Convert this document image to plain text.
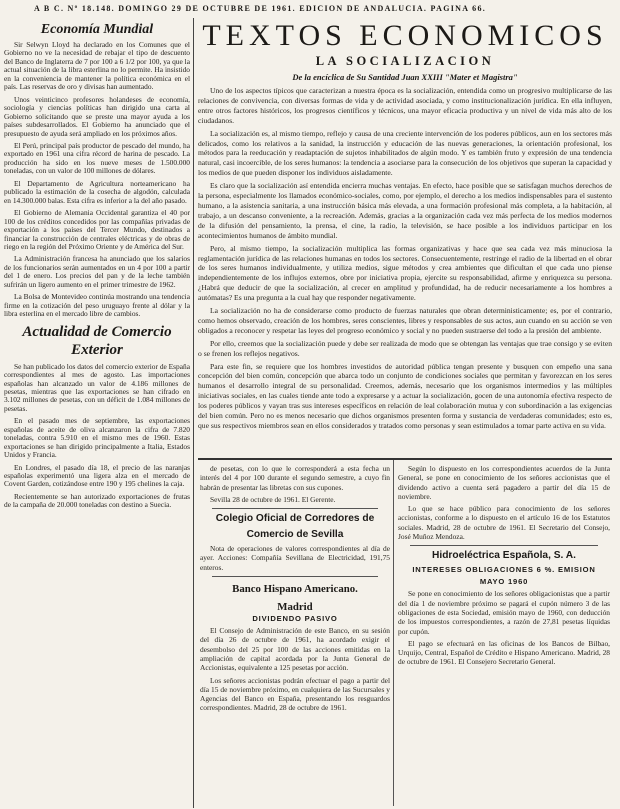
A B C. Nº 18.148. DOMINGO 29 DE OCTUBRE DE 1961. EDICION DE ANDALUCIA. PAGINA 66.
Economía Mundial

Sir Selwyn Lloyd ha declarado en los Comunes que el Gobierno no ve la necesidad de rebajar el tipo de descuento del Banco de Inglaterra de 7 por 100 a 6 1/2 por 100, ya que la actual situación de la libra esterlina no lo permite. Ha insistido en la conveniencia de mantener la política económica en el país. Las reservas de oro y divisas han aumentado.

Unos veinticinco profesores holandeses de economía, sociología y ciencias políticas han dirigido una carta al Gobierno solicitando que se preste una mayor ayuda a los países subdesarrollados. El Gobierno ha anunciado que el presupuesto de ayuda será ampliado en los próximos años.

El Perú, principal país productor de pescado del mundo, ha exportado en 1961 una cifra récord de harina de pescado. La producción ha sido en los nueve meses de 1.500.000 toneladas, con un valor de 100 millones de dólares.

El Departamento de Agricultura norteamericano ha publicado la estimación de la cosecha de algodón, calculada en 14.300.000 balas. Esta cifra es inferior a la del año pasado.

El Gobierno de Alemania Occidental garantiza el 40 por 100 de los créditos concedidos por las compañías privadas de exportación a los países del Tercer Mundo, destinados a financiar la construcción de centrales eléctricas y de obras de riego en la región del Próximo Oriente y de América del Sur.

La Administración francesa ha anunciado que los salarios de los funcionarios serán aumentados en un 4 por 100 a partir del 1 de enero. Los precios del pan y de la leche también sufrirán un ligero aumento en el primer trimestre de 1962.

La Bolsa de Montevideo continúa mostrando una tendencia firme en la cotización del peso uruguayo frente al dólar y la libra esterlina en el mercado libre de cambios.

Actualidad de Comercio
Exterior

Se han publicado los datos del comercio exterior de España correspondientes al mes de agosto. Las importaciones españolas han alcanzado un valor de 4.186 millones de pesetas, mientras que las exportaciones se han cifrado en 3.102 millones de pesetas, con un déficit de 1.084 millones de pesetas.

En el pasado mes de septiembre, las exportaciones españolas de aceite de oliva alcanzaron la cifra de 7.820 toneladas, contra 5.910 en el mismo mes de 1960. Estas exportaciones se han dirigido principalmente a Italia, Estados Unidos y Francia.

En Londres, el pasado día 18, el precio de las naranjas españolas experimentó una ligera alza en el mercado de Covent Garden, cotizándose entre 190 y 195 chelines la caja.

Recientemente se han autorizado exportaciones de frutas de la campaña de 20.000 toneladas con destino a Suecia.

TEXTOS ECONOMICOS
LA SOCIALIZACION
De la encíclica de Su Santidad Juan XXIII "Mater et Magistra"

Uno de los aspectos típicos que caracterizan a nuestra época es la socialización, entendida como un progresivo multiplicarse de las relaciones de convivencia, con diversas formas de vida y de actividad asociada, y como institucionalización jurídica. En ella influyen, entre otros factores históricos, los progresos científicos y técnicos, una mayor eficacia productiva y un nivel de vida más alto de los ciudadanos.

La socialización es, al mismo tiempo, reflejo y causa de una creciente intervención de los poderes públicos, aun en los sectores más delicados, como los relativos a la sanidad, la instrucción y educación de las nuevas generaciones, la orientación profesional, los métodos para la reeducación y readaptación de sujetos inhabilitados de algún modo. Y es también fruto y expresión de una tendencia natural, casi incoercible, de los seres humanos: la tendencia a asociarse para la consecución de los objetivos que superan la capacidad y los medios de que pueden disponer los individuos aisladamente.

Es claro que la socialización así entendida encierra muchas ventajas. En efecto, hace posible que se satisfagan muchos derechos de la persona, especialmente los llamados económico-sociales, como, por ejemplo, el derecho a los medios indispensables para el sustento humano, a la asistencia sanitaria, a una instrucción básica más elevada, a una formación profesional más completa, a la habitación, al trabajo, a un descanso conveniente, a la recreación. Además, gracias a la organización cada vez más perfecta de los medios modernos de la difusión del pensamiento, la prensa, el cine, la radio, la televisión, se hace posible a los individuos participar en los acontecimientos humanos de ámbito mundial.

Pero, al mismo tiempo, la socialización multiplica las formas organizativas y hace que sea cada vez más minuciosa la reglamentación jurídica de las relaciones humanas en todos los sectores. Consecuentemente, restringe el radio de la libertad en el obrar de los seres humanos individualmente, y utiliza medios, sigue métodos y crea ambientes que dificultan el que cada uno piense independientemente de los influjos externos, obre por iniciativa propia, ejercite su responsabilidad, afirme y enriquezca su persona. ¿Habrá que deducir de que la socialización, al crecer en amplitud y profundidad, ha de reducir necesariamente a los hombres a autómatas? Es una pregunta a la cual hay que responder negativamente.

La socialización no ha de considerarse como producto de fuerzas naturales que obran deterministicamente; es, por el contrario, como hemos observado, creación de los hombres, seres conscientes, libres y responsables de sus actos, aun cuando en su acción se ven obligados a reconocer y respetar las leyes del progreso económico y social y no pueden sustraerse del todo a la presión del ambiente.

Por ello, creemos que la socialización puede y debe ser realizada de modo que se obtengan las ventajas que trae consigo y se eviten o se frenen los reflejos negativos.

Para este fin, se requiere que los hombres investidos de autoridad pública tengan presente y busquen con empeño una sana concepción del bien común, concepción que abarca todo un conjunto de condiciones sociales que permitan y favorezcan en los seres humanos el desarrollo integral de su personalidad. Creemos, además, necesario que los organismos intermedios y las múltiples iniciativas sociales, en las cuales tiende ante todo a expresarse y a actuar la socialización, gocen de una autonomía efectiva respecto de los poderes públicos y vayan tras sus intereses específicos en relación de leal colaboración mutua y con subordinación a las exigencias del bien común. Pero no es menos necesario que dichos organismos presenten forma y sustancia de verdaderas comunidades; esto es, que sus respectivos miembros sean en ellos considerados y tratados como personas y sean estimulados a tomar parte activa en su vida.

de pesetas, con lo que le corresponderá a esta fecha un interés del 4 por 100 durante el segundo semestre, a cuyo fin habrán de presentar las libretas con sus cupones.

Sevilla 28 de octubre de 1961. El Gerente.

Colegio Oficial de Corredores de
Comercio de Sevilla

Nota de operaciones de valores correspondientes al día de ayer. Acciones: Compañía Sevillana de Electricidad, 191,75 enteros.

Banco Hispano Americano.
Madrid
DIVIDENDO PASIVO

El Consejo de Administración de este Banco, en su sesión del día 26 de octubre de 1961, ha acordado exigir el desembolso del 25 por 100 de las acciones emitidas en la ampliación de capital acordada por la Junta General de Accionistas, equivalente a 125 pesetas por acción.

Los señores accionistas podrán efectuar el pago a partir del día 15 de noviembre próximo, en cualquiera de las Sucursales y Agencias del Banco en España, presentando los resguardos correspondientes. Madrid, 28 de octubre de 1961.

Según lo dispuesto en los correspondientes acuerdos de la Junta General, se pone en conocimiento de los señores accionistas que el dividendo activo a cuenta será pagadero a partir del día 15 de noviembre.

Lo que se hace público para conocimiento de los señores accionistas, conforme a lo dispuesto en el artículo 16 de los Estatutos sociales. Madrid, 28 de octubre de 1961. El Secretario del Consejo, José Muñoz Mendoza.

Hidroeléctrica Española, S. A.
INTERESES OBLIGACIONES 6 %. EMISION
MAYO 1960

Se pone en conocimiento de los señores obligacionistas que a partir del día 1 de noviembre próximo se pagará el cupón número 3 de las obligaciones de esta Sociedad, emisión mayo de 1960, con deducción de los impuestos correspondientes, a razón de 27,81 pesetas líquidas por cupón.

El pago se efectuará en las oficinas de los Bancos de Bilbao, Urquijo, Central, Español de Crédito e Hispano Americano. Madrid, 28 de octubre de 1961. El Consejero Secretario General.
